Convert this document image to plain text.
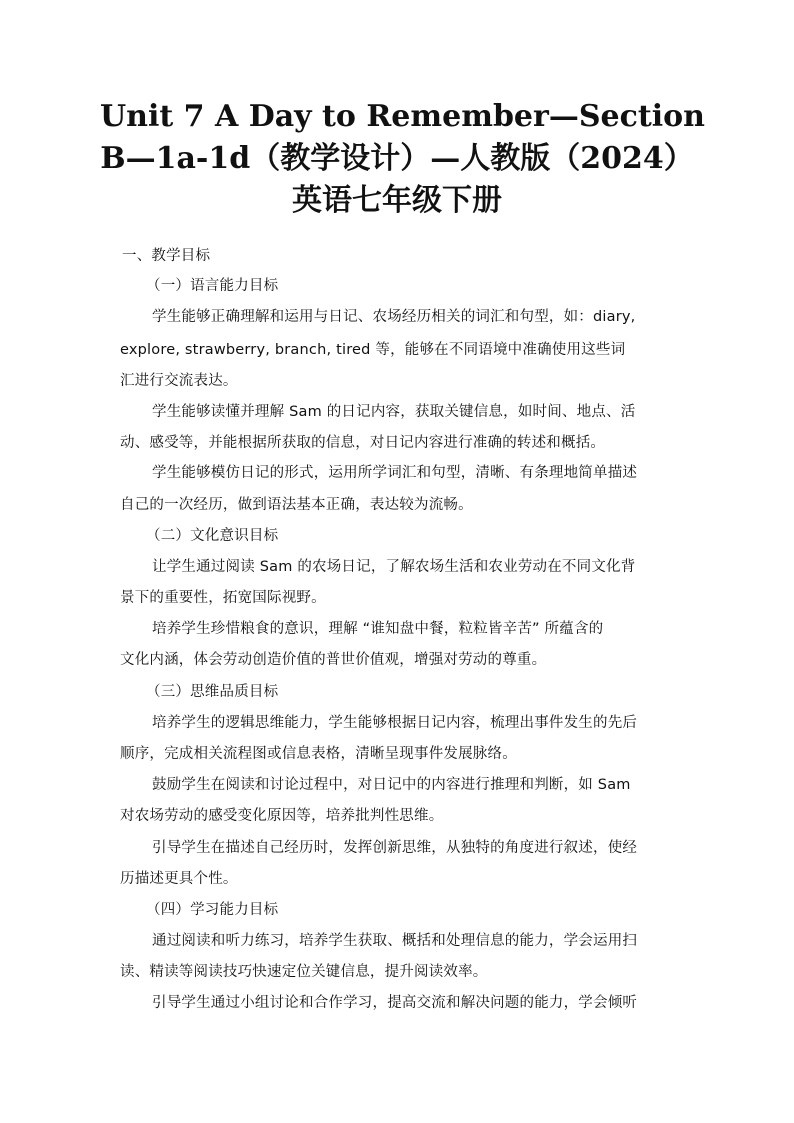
Unit 7 A Day to Remember—Section
B—1a-1d（教学设计）—人教版（2024）
英语七年级下册
一、教学目标
（一）语言能力目标
学生能够正确理解和运用与日记、农场经历相关的词汇和句型，如：diary,
explore, strawberry, branch, tired 等，能够在不同语境中准确使用这些词
汇进行交流表达。
学生能够读懂并理解 Sam 的日记内容，获取关键信息，如时间、地点、活
动、感受等，并能根据所获取的信息，对日记内容进行准确的转述和概括。
学生能够模仿日记的形式，运用所学词汇和句型，清晰、有条理地简单描述
自己的一次经历，做到语法基本正确，表达较为流畅。
（二）文化意识目标
让学生通过阅读 Sam 的农场日记，了解农场生活和农业劳动在不同文化背
景下的重要性，拓宽国际视野。
培养学生珍惜粮食的意识，理解 “谁知盘中餐，粒粒皆辛苦” 所蕴含的
文化内涵，体会劳动创造价值的普世价值观，增强对劳动的尊重。
（三）思维品质目标
培养学生的逻辑思维能力，学生能够根据日记内容，梳理出事件发生的先后
顺序，完成相关流程图或信息表格，清晰呈现事件发展脉络。
鼓励学生在阅读和讨论过程中，对日记中的内容进行推理和判断，如 Sam
对农场劳动的感受变化原因等，培养批判性思维。
引导学生在描述自己经历时，发挥创新思维，从独特的角度进行叙述，使经
历描述更具个性。
（四）学习能力目标
通过阅读和听力练习，培养学生获取、概括和处理信息的能力，学会运用扫
读、精读等阅读技巧快速定位关键信息，提升阅读效率。
引导学生通过小组讨论和合作学习，提高交流和解决问题的能力，学会倾听
